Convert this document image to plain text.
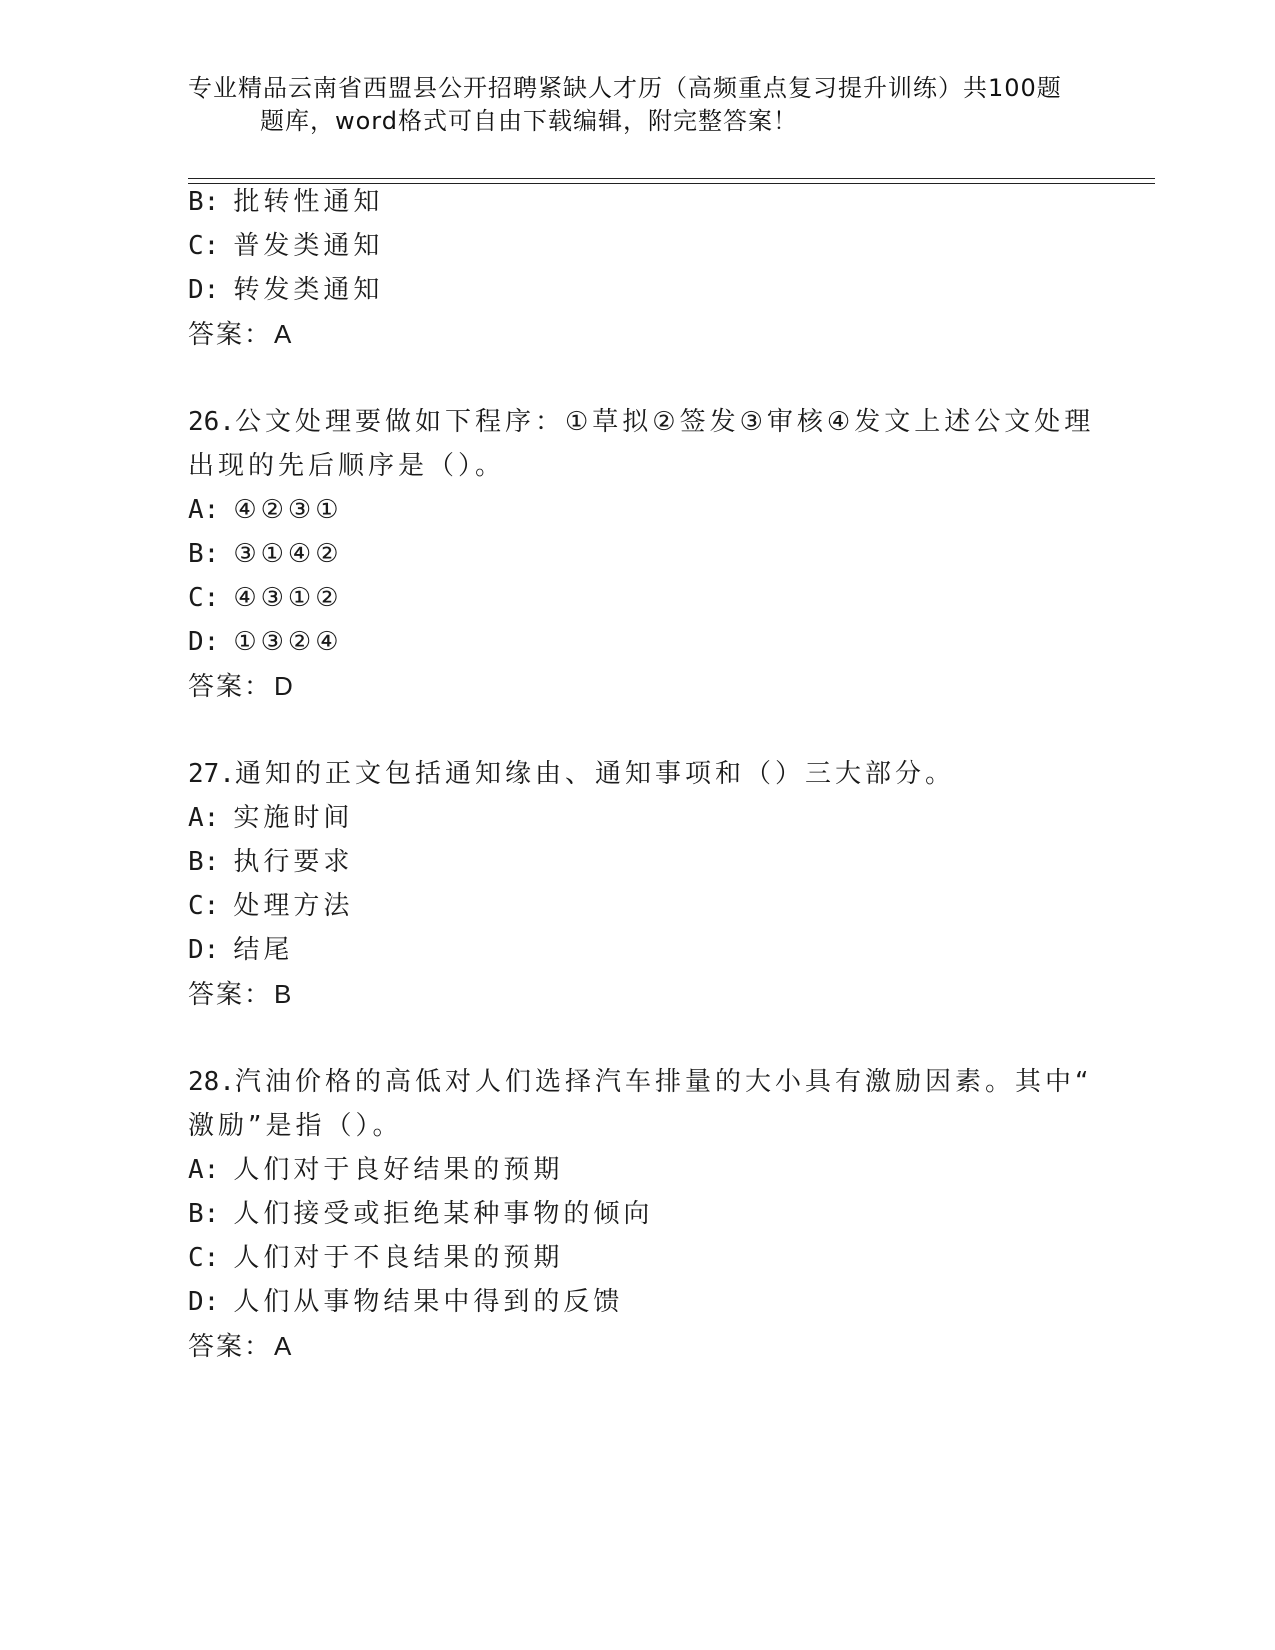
专业精品云南省西盟县公开招聘紧缺人才历（高频重点复习提升训练）共100题
题库，word格式可自由下载编辑，附完整答案！
B: 批转性通知
C: 普发类通知
D: 转发类通知
答案：A
26.公文处理要做如下程序：①草拟②签发③审核④发文上述公文处理
出现的先后顺序是（）。
A: ④②③①
B: ③①④②
C: ④③①②
D: ①③②④
答案：D
27.通知的正文包括通知缘由、通知事项和（）三大部分。
A: 实施时间
B: 执行要求
C: 处理方法
D: 结尾
答案：B
28.汽油价格的高低对人们选择汽车排量的大小具有激励因素。其中“
激励”是指（）。
A: 人们对于良好结果的预期
B: 人们接受或拒绝某种事物的倾向
C: 人们对于不良结果的预期
D: 人们从事物结果中得到的反馈
答案：A
